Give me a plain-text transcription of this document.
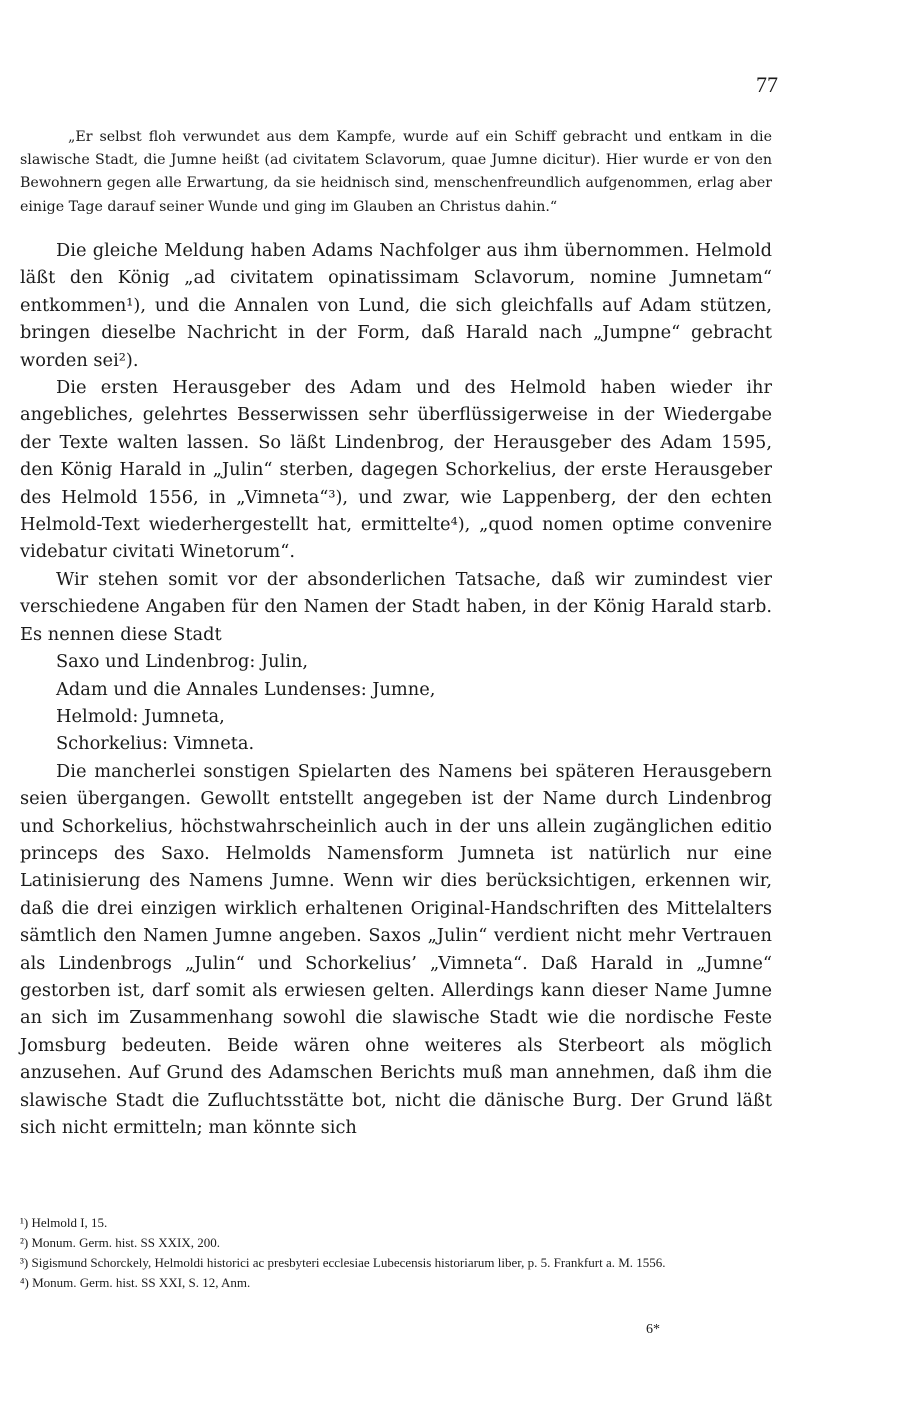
77

„Er selbst floh verwundet aus dem Kampfe, wurde auf ein Schiff gebracht und entkam in die slawische Stadt, die Jumne heißt (ad civitatem Sclavorum, quae Jumne dicitur). Hier wurde er von den Bewohnern gegen alle Erwartung, da sie heidnisch sind, menschenfreundlich aufgenommen, erlag aber einige Tage darauf seiner Wunde und ging im Glauben an Christus dahin.“

Die gleiche Meldung haben Adams Nachfolger aus ihm übernommen. Helmold läßt den König „ad civitatem opinatissimam Sclavorum, nomine Jumnetam“ entkommen¹), und die Annalen von Lund, die sich gleichfalls auf Adam stützen, bringen dieselbe Nachricht in der Form, daß Harald nach „Jumpne“ gebracht worden sei²).

Die ersten Herausgeber des Adam und des Helmold haben wieder ihr angebliches, gelehrtes Besserwissen sehr überflüssigerweise in der Wiedergabe der Texte walten lassen. So läßt Lindenbrog, der Herausgeber des Adam 1595, den König Harald in „Julin“ sterben, dagegen Schorkelius, der erste Herausgeber des Helmold 1556, in „Vimneta“³), und zwar, wie Lappenberg, der den echten Helmold-Text wiederhergestellt hat, ermittelte⁴), „quod nomen optime convenire videbatur civitati Winetorum“.

Wir stehen somit vor der absonderlichen Tatsache, daß wir zumindest vier verschiedene Angaben für den Namen der Stadt haben, in der König Harald starb. Es nennen diese Stadt

Saxo und Lindenbrog: Julin,
Adam und die Annales Lundenses: Jumne,
Helmold: Jumneta,
Schorkelius: Vimneta.

Die mancherlei sonstigen Spielarten des Namens bei späteren Herausgebern seien übergangen. Gewollt entstellt angegeben ist der Name durch Lindenbrog und Schorkelius, höchstwahrscheinlich auch in der uns allein zugänglichen editio princeps des Saxo. Helmolds Namensform Jumneta ist natürlich nur eine Latinisierung des Namens Jumne. Wenn wir dies berücksichtigen, erkennen wir, daß die drei einzigen wirklich erhaltenen Original-Handschriften des Mittelalters sämtlich den Namen Jumne angeben. Saxos „Julin“ verdient nicht mehr Vertrauen als Lindenbrogs „Julin“ und Schorkelius’ „Vimneta“. Daß Harald in „Jumne“ gestorben ist, darf somit als erwiesen gelten. Allerdings kann dieser Name Jumne an sich im Zusammenhang sowohl die slawische Stadt wie die nordische Feste Jomsburg bedeuten. Beide wären ohne weiteres als Sterbeort als möglich anzusehen. Auf Grund des Adamschen Berichts muß man annehmen, daß ihm die slawische Stadt die Zufluchtsstätte bot, nicht die dänische Burg. Der Grund läßt sich nicht ermitteln; man könnte sich

¹) Helmold I, 15.

²) Monum. Germ. hist. SS XXIX, 200.

³) Sigismund Schorckely, Helmoldi historici ac presbyteri ecclesiae Lubecensis historiarum liber, p. 5. Frankfurt a. M. 1556.

⁴) Monum. Germ. hist. SS XXI, S. 12, Anm.

6*
